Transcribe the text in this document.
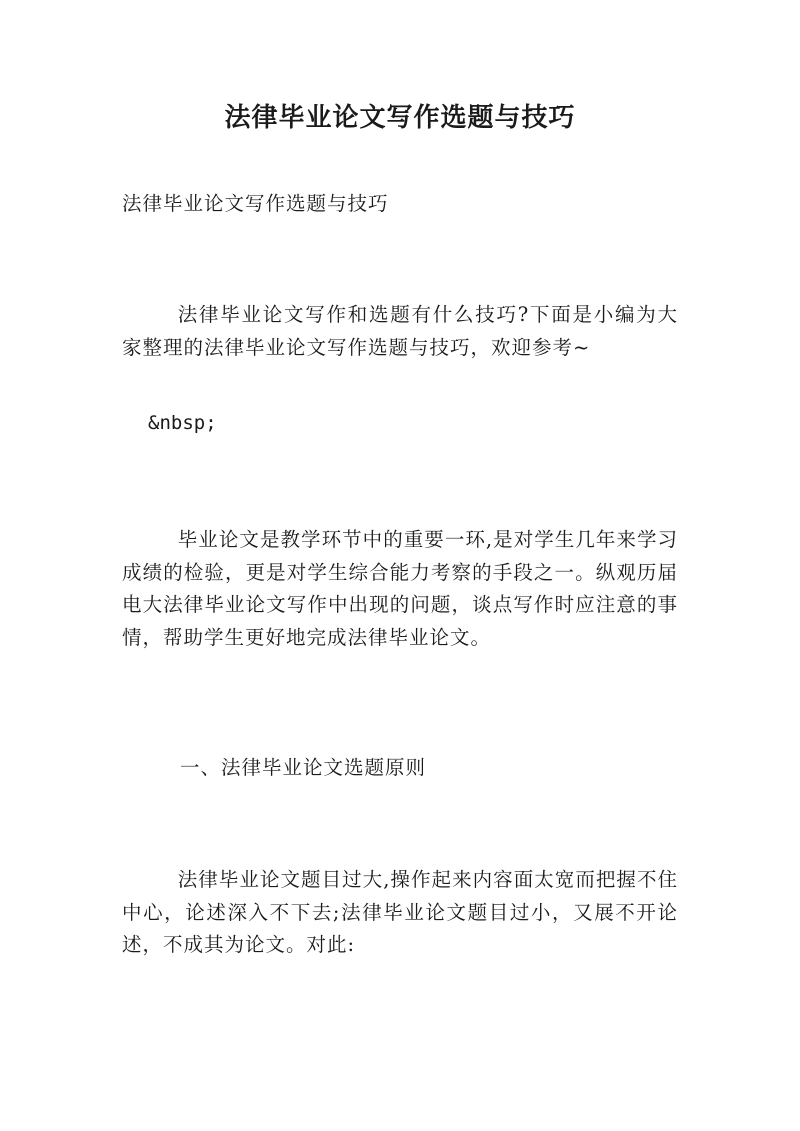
法律毕业论文写作选题与技巧

法律毕业论文写作选题与技巧

法律毕业论文写作和选题有什么技巧?下面是小编为大家整理的法律毕业论文写作选题与技巧，欢迎参考~

&nbsp;

毕业论文是教学环节中的重要一环,是对学生几年来学习成绩的检验，更是对学生综合能力考察的手段之一。纵观历届电大法律毕业论文写作中出现的问题，谈点写作时应注意的事情，帮助学生更好地完成法律毕业论文。

一、法律毕业论文选题原则

法律毕业论文题目过大,操作起来内容面太宽而把握不住中心，论述深入不下去;法律毕业论文题目过小，又展不开论述，不成其为论文。对此:
